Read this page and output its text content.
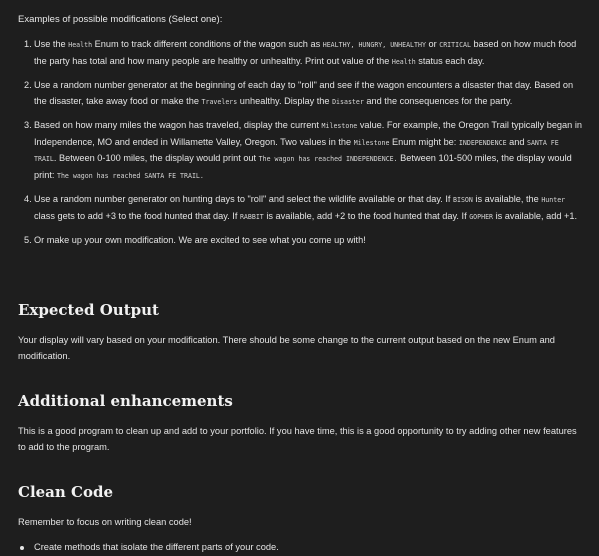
Examples of possible modifications (Select one):

1. Use the Health Enum to track different conditions of the wagon such as HEALTHY, HUNGRY, UNHEALTHY or CRITICAL based on how much food the party has total and how many people are healthy or unhealthy. Print out value of the Health status each day.
2. Use a random number generator at the beginning of each day to "roll" and see if the wagon encounters a disaster that day. Based on the disaster, take away food or make the Travelers unhealthy. Display the Disaster and the consequences for the party.
3. Based on how many miles the wagon has traveled, display the current Milestone value. For example, the Oregon Trail typically began in Independence, MO and ended in Willamette Valley, Oregon. Two values in the Milestone Enum might be: INDEPENDENCE and SANTA FE TRAIL. Between 0-100 miles, the display would print out The wagon has reached INDEPENDENCE. Between 101-500 miles, the display would print: The wagon has reached SANTA FE TRAIL.
4. Use a random number generator on hunting days to "roll" and select the wildlife available or that day. If BISON is available, the Hunter class gets to add +3 to the food hunted that day. If RABBIT is available, add +2 to the food hunted that day. If GOPHER is available, add +1.
5. Or make up your own modification. We are excited to see what you come up with!
Expected Output

Your display will vary based on your modification. There should be some change to the current output based on the new Enum and modification.

Additional enhancements

This is a good program to clean up and add to your portfolio. If you have time, this is a good opportunity to try adding other new features to add to the program.

Clean Code

Remember to focus on writing clean code!

Create methods that isolate the different parts of your code.
